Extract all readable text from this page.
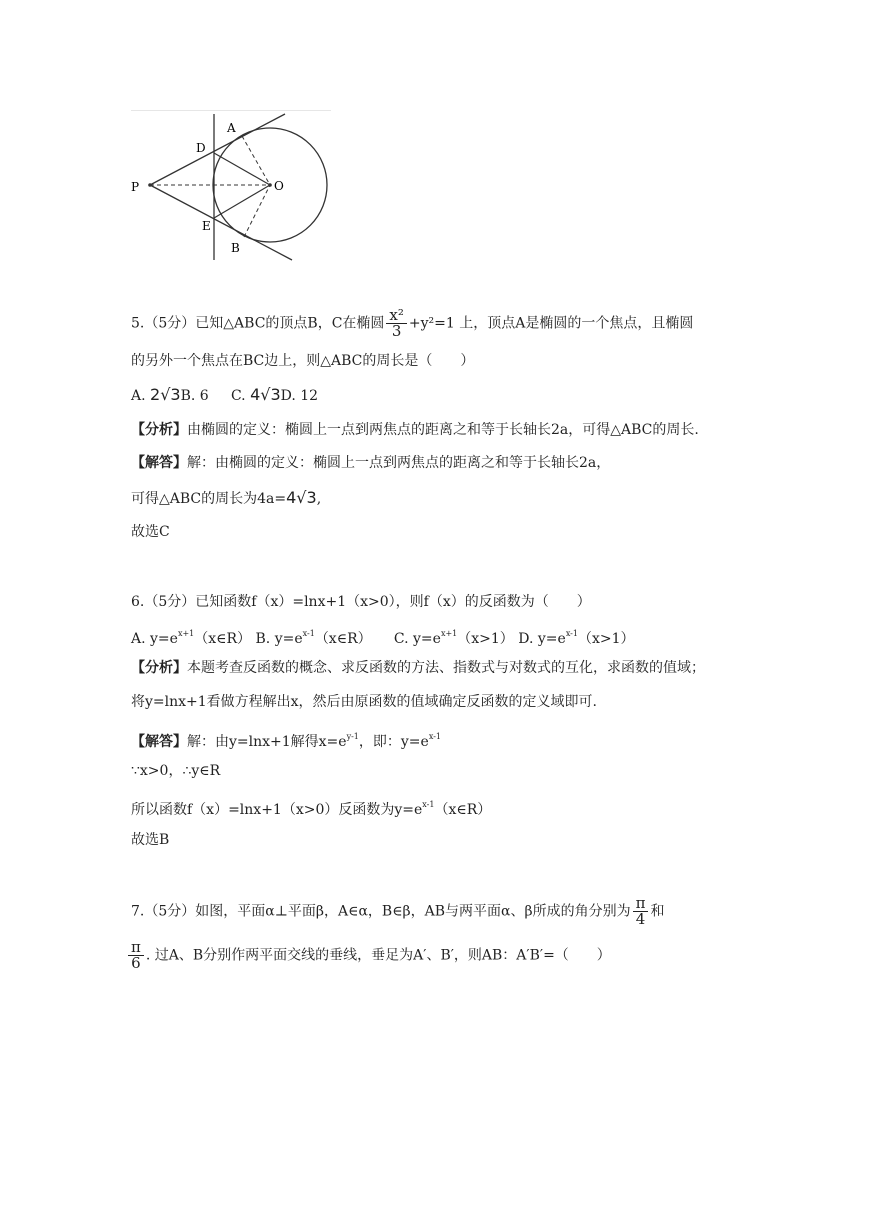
A
D
P	O
E
B
5.（5分）已知△ABC的顶点B，C在椭圆 $\frac{\text{x²}}{3} +y^2=1$ 上，顶点A是椭圆的一个焦点，且椭圆
的另外一个焦点在BC边上，则△ABC的周长是（　　）
A. 2√3B. 6 C. 4√3D. 12
【分析】由椭圆的定义：椭圆上一点到两焦点的距离之和等于长轴长2a，可得△ABC的周长.
【解答】解：由椭圆的定义：椭圆上一点到两焦点的距离之和等于长轴长2a，
可得△ABC的周长为4a=4√3,
故选C
6.（5分）已知函数f（x）=lnx+1（x>0），则f（x）的反函数为（　　）
A. $y=e^{x+1}(x\in R)$ B. $y=e^{x-1}(x\in R)$ C. $y=e^{x+1}(x>1)$ D. $y=e^{x-1}(x>1)$
【分析】本题考查反函数的概念、求反函数的方法、指数式与对数式的互化，求函数的值域；
将y=lnx+1看做方程解出x，然后由原函数的值域确定反函数的定义域即可.
【解答】解：由y=lnx+1解得$x=e^{y-1}$，即：$y=e^{x-1}$
∵x>0，∴y∈R
所以函数f（x）=lnx+1（x>0）反函数为$y=e^{x-1}(x\in R)$
故选B
7.（5分）如图，平面α⊥平面β，A∈α，B∈β，AB与两平面α、β所成的角分别为 $\frac{\pi}{4}$ 和
$\frac{\pi}{6}$ . 过A、B分别作两平面交线的垂线，垂足为A′、B′，则AB：A′B′=（　　）
